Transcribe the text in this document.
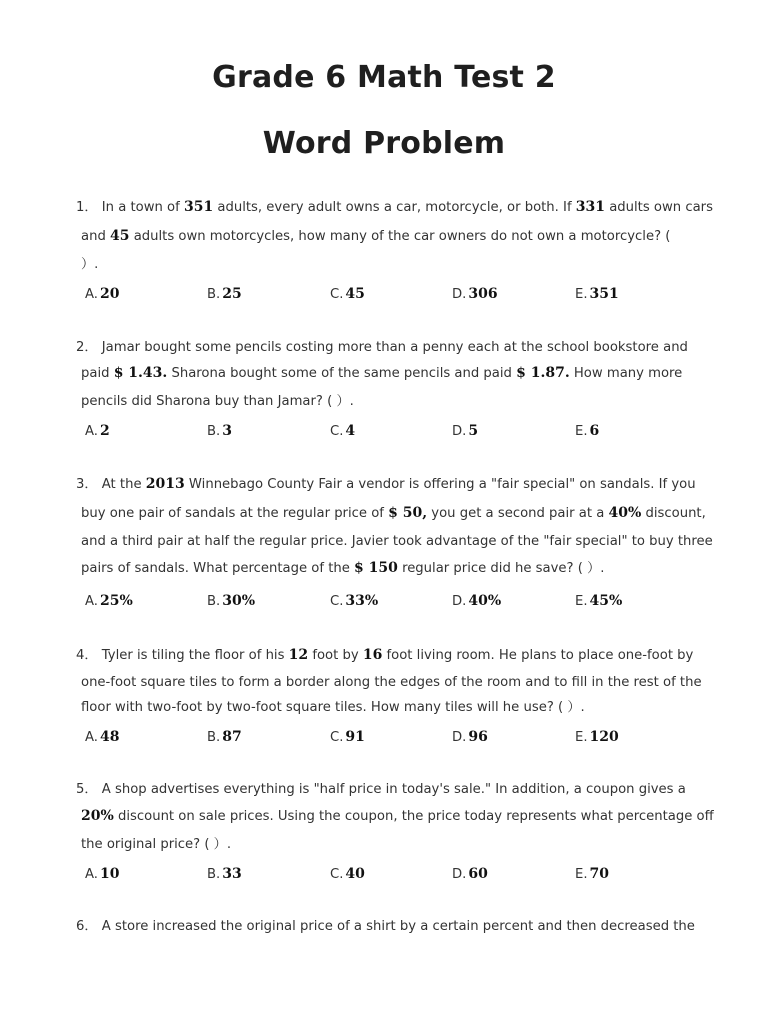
Grade 6 Math Test 2
Word Problem
1． In a town of 351 adults, every adult owns a car, motorcycle, or both. If 331 adults own cars
and 45 adults own motorcycles, how many of the car owners do not own a motorcycle? (
）.
A. 20	B. 25	C. 45	D. 306	E. 351
2． Jamar bought some pencils costing more than a penny each at the school bookstore and
paid $ 1.43. Sharona bought some of the same pencils and paid $ 1.87. How many more
pencils did Sharona buy than Jamar? ( ）.
A. 2	B. 3	C. 4	D. 5	E. 6
3． At the 2013 Winnebago County Fair a vendor is offering a "fair special" on sandals. If you
buy one pair of sandals at the regular price of $ 50, you get a second pair at a 40% discount,
and a third pair at half the regular price. Javier took advantage of the "fair special" to buy three
pairs of sandals. What percentage of the $ 150 regular price did he save? ( ）.
A. 25%	B. 30%	C. 33%	D. 40%	E. 45%
4． Tyler is tiling the floor of his 12 foot by 16 foot living room. He plans to place one-foot by
one-foot square tiles to form a border along the edges of the room and to fill in the rest of the
floor with two-foot by two-foot square tiles. How many tiles will he use? ( ）.
A. 48	B. 87	C. 91	D. 96	E. 120
5． A shop advertises everything is "half price in today's sale." In addition, a coupon gives a
20% discount on sale prices. Using the coupon, the price today represents what percentage off
the original price? ( ）.
A. 10	B. 33	C. 40	D. 60	E. 70
6． A store increased the original price of a shirt by a certain percent and then decreased the
